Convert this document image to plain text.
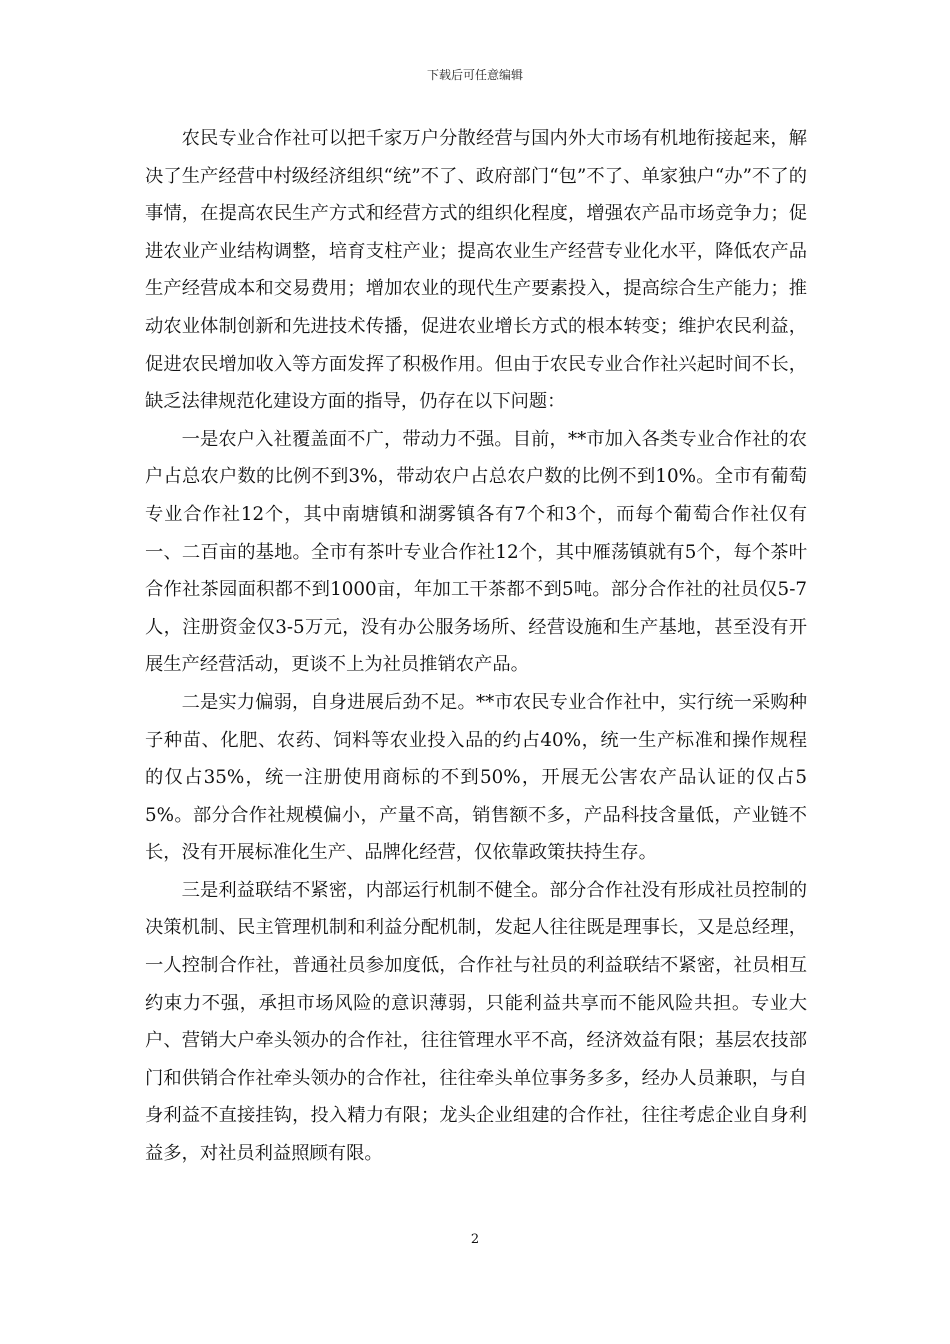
下载后可任意编辑

农民专业合作社可以把千家万户分散经营与国内外大市场有机地衔接起来，解决了生产经营中村级经济组织“统”不了、政府部门“包”不了、单家独户“办”不了的事情，在提高农民生产方式和经营方式的组织化程度，增强农产品市场竞争力；促进农业产业结构调整，培育支柱产业；提高农业生产经营专业化水平，降低农产品生产经营成本和交易费用；增加农业的现代生产要素投入，提高综合生产能力；推动农业体制创新和先进技术传播，促进农业增长方式的根本转变；维护农民利益，促进农民增加收入等方面发挥了积极作用。但由于农民专业合作社兴起时间不长，缺乏法律规范化建设方面的指导，仍存在以下问题：

一是农户入社覆盖面不广，带动力不强。目前，**市加入各类专业合作社的农户占总农户数的比例不到3%，带动农户占总农户数的比例不到10%。全市有葡萄专业合作社12个，其中南塘镇和湖雾镇各有7个和3个，而每个葡萄合作社仅有一、二百亩的基地。全市有茶叶专业合作社12个，其中雁荡镇就有5个，每个茶叶合作社茶园面积都不到1000亩，年加工干茶都不到5吨。部分合作社的社员仅5-7人，注册资金仅3-5万元，没有办公服务场所、经营设施和生产基地，甚至没有开展生产经营活动，更谈不上为社员推销农产品。

二是实力偏弱，自身进展后劲不足。**市农民专业合作社中，实行统一采购种子种苗、化肥、农药、饲料等农业投入品的约占40%，统一生产标准和操作规程的仅占35%，统一注册使用商标的不到50%，开展无公害农产品认证的仅占55%。部分合作社规模偏小，产量不高，销售额不多，产品科技含量低，产业链不长，没有开展标准化生产、品牌化经营，仅依靠政策扶持生存。

三是利益联结不紧密，内部运行机制不健全。部分合作社没有形成社员控制的决策机制、民主管理机制和利益分配机制，发起人往往既是理事长，又是总经理，一人控制合作社，普通社员参加度低，合作社与社员的利益联结不紧密，社员相互约束力不强，承担市场风险的意识薄弱，只能利益共享而不能风险共担。专业大户、营销大户牵头领办的合作社，往往管理水平不高，经济效益有限；基层农技部门和供销合作社牵头领办的合作社，往往牵头单位事务多多，经办人员兼职，与自身利益不直接挂钩，投入精力有限；龙头企业组建的合作社，往往考虑企业自身利益多，对社员利益照顾有限。

2
